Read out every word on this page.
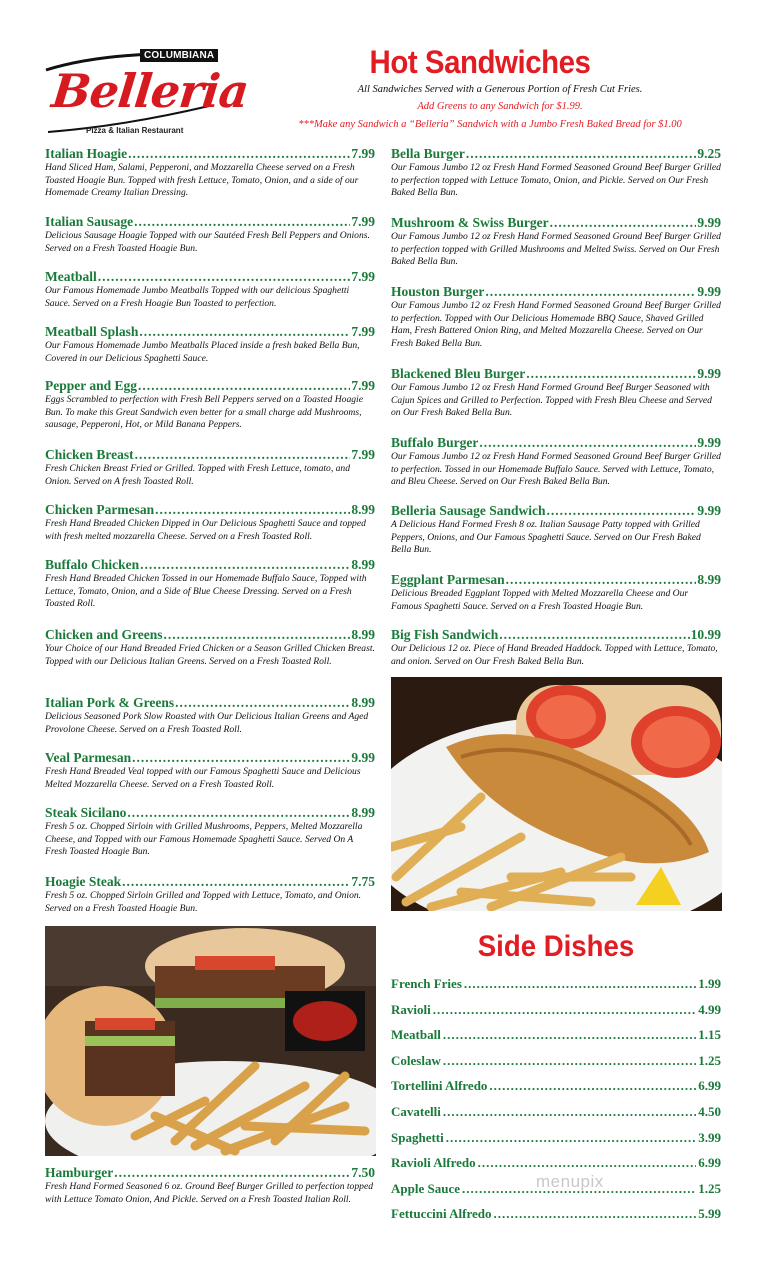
COLUMBIANA
Belleria
Pizza & Italian Restaurant
Hot Sandwiches
All Sandwiches Served with a Generous Portion of Fresh Cut Fries.
Add Greens to any Sandwich for $1.99.
***Make any Sandwich a “Belleria” Sandwich with a Jumbo Fresh Baked Bread for $1.00
Italian Hoagie .....	7.99
Hand Sliced Ham, Salami, Pepperoni, and Mozzarella Cheese served on a Fresh Toasted Hoagie Bun. Topped with fresh Lettuce, Tomato, Onion, and a side of our Homemade Creamy Italian Dressing.
Italian Sausage .....	7.99
Delicious Sausage Hoagie Topped with our Sautéed Fresh Bell Peppers and Onions. Served on a Fresh Toasted Hoagie Bun.
Meatball .....	7.99
Our Famous Homemade Jumbo Meatballs Topped with our delicious Spaghetti Sauce. Served on a Fresh Hoagie Bun Toasted to perfection.
Meatball Splash .....	7.99
Our Famous Homemade Jumbo Meatballs Placed inside a fresh baked Bella Bun, Covered in our Delicious Spaghetti Sauce.
Pepper and Egg .....	7.99
Eggs Scrambled to perfection with Fresh Bell Peppers served on a Toasted Hoagie Bun. To make this Great Sandwich even better for a small charge add Mushrooms, sausage, Pepperoni, Hot, or Mild Banana Peppers.
Chicken Breast .....	7.99
Fresh Chicken Breast Fried or Grilled. Topped with Fresh Lettuce, tomato, and Onion. Served on A fresh Toasted Roll.
Chicken Parmesan .....	8.99
Fresh Hand Breaded Chicken Dipped in Our Delicious Spaghetti Sauce and topped with fresh melted mozzarella Cheese. Served on a Fresh Toasted Roll.
Buffalo Chicken .....	8.99
Fresh Hand Breaded Chicken Tossed in our Homemade Buffalo Sauce, Topped with Lettuce, Tomato, Onion, and a Side of Blue Cheese Dressing. Served on a Fresh Toasted Roll.
Chicken and Greens .....	8.99
Your Choice of our Hand Breaded Fried Chicken or a Season Grilled Chicken Breast. Topped with our Delicious Italian Greens. Served on a Fresh Toasted Roll.
Italian Pork & Greens .....	8.99
Delicious Seasoned Pork Slow Roasted with Our Delicious Italian Greens and Aged Provolone Cheese. Served on a Fresh Toasted Roll.
Veal Parmesan .....	9.99
Fresh Hand Breaded Veal topped with our Famous Spaghetti Sauce and Delicious Melted Mozzarella Cheese. Served on a Fresh Toasted Roll.
Steak Sicilano .....	8.99
Fresh 5 oz. Chopped Sirloin with Grilled Mushrooms, Peppers, Melted Mozzarella Cheese, and Topped with our Famous Homemade Spaghetti Sauce. Served On A Fresh Toasted Hoagie Bun.
Hoagie Steak .....	7.75
Fresh 5 oz. Chopped Sirloin Grilled and Topped with Lettuce, Tomato, and Onion. Served on a Fresh Toasted Hoagie Bun.
Hamburger .....	7.50
Fresh Hand Formed Seasoned 6 oz. Ground Beef Burger Grilled to perfection topped with Lettuce Tomato Onion, And Pickle. Served on a Fresh Toasted Italian Roll.
Bella Burger .....	9.25
Our Famous Jumbo 12 oz Fresh Hand Formed Seasoned Ground Beef Burger Grilled to perfection topped with Lettuce Tomato, Onion, and Pickle. Served on Our Fresh Baked Bella Bun.
Mushroom & Swiss Burger .....	9.99
Our Famous Jumbo 12 oz Fresh Hand Formed Seasoned Ground Beef Burger Grilled to perfection topped with Grilled Mushrooms and Melted Swiss. Served on Our Fresh Baked Bella Bun.
Houston Burger .....	9.99
Our Famous Jumbo 12 oz Fresh Hand Formed Seasoned Ground Beef Burger Grilled to perfection. Topped with Our Delicious Homemade BBQ Sauce, Shaved Grilled Ham, Fresh Battered Onion Ring, and Melted Mozzarella Cheese. Served on Our Fresh Baked Bella Bun.
Blackened Bleu Burger .....	9.99
Our Famous Jumbo 12 oz Fresh Hand Formed Ground Beef Burger Seasoned with Cajun Spices and Grilled to Perfection. Topped with Fresh Bleu Cheese and Served on Our Fresh Baked Bella Bun.
Buffalo Burger .....	9.99
Our Famous Jumbo 12 oz Fresh Hand Formed Seasoned Ground Beef Burger Grilled to perfection. Tossed in our Homemade Buffalo Sauce. Served with Lettuce, Tomato, and Bleu Cheese. Served on Our Fresh Baked Bella Bun.
Belleria Sausage Sandwich .....	9.99
A Delicious Hand Formed Fresh 8 oz. Italian Sausage Patty topped with Grilled Peppers, Onions, and Our Famous Spaghetti Sauce. Served on Our Fresh Baked Bella Bun.
Eggplant Parmesan .....	8.99
Delicious Breaded Eggplant Topped with Melted Mozzarella Cheese and Our Famous Spaghetti Sauce. Served on a Fresh Toasted Hoagie Bun.
Big Fish Sandwich .....	10.99
Our Delicious 12 oz. Piece of Hand Breaded Haddock. Topped with Lettuce, Tomato, and onion. Served on Our Fresh Baked Bella Bun.
Side Dishes
French Fries .....	1.99
Ravioli .....	4.99
Meatball .....	1.15
Coleslaw .....	1.25
Tortellini Alfredo .....	6.99
Cavatelli .....	4.50
Spaghetti .....	3.99
Ravioli Alfredo .....	6.99
Apple Sauce .....	1.25
Fettuccini Alfredo .....	5.99
menupix
